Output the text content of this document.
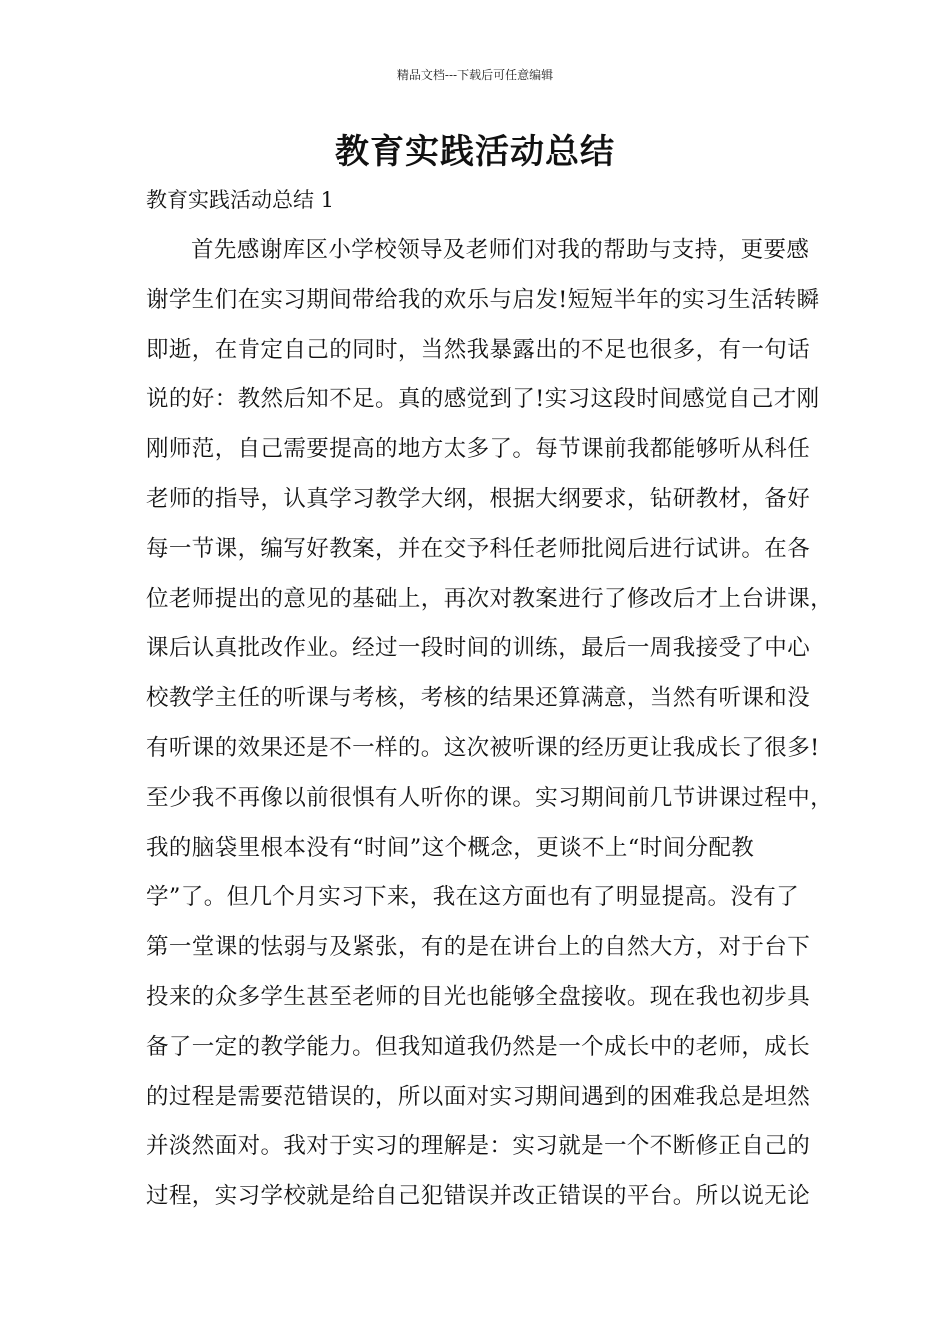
精品文档---下载后可任意编辑
教育实践活动总结
教育实践活动总结 1
首先感谢库区小学校领导及老师们对我的帮助与支持，更要感
谢学生们在实习期间带给我的欢乐与启发!短短半年的实习生活转瞬
即逝，在肯定自己的同时，当然我暴露出的不足也很多，有一句话
说的好：教然后知不足。真的感觉到了!实习这段时间感觉自己才刚
刚师范，自己需要提高的地方太多了。每节课前我都能够听从科任
老师的指导，认真学习教学大纲，根据大纲要求，钻研教材，备好
每一节课，编写好教案，并在交予科任老师批阅后进行试讲。在各
位老师提出的意见的基础上，再次对教案进行了修改后才上台讲课，
课后认真批改作业。经过一段时间的训练，最后一周我接受了中心
校教学主任的听课与考核，考核的结果还算满意，当然有听课和没
有听课的效果还是不一样的。这次被听课的经历更让我成长了很多!
至少我不再像以前很惧有人听你的课。实习期间前几节讲课过程中，
我的脑袋里根本没有“时间”这个概念，更谈不上“时间分配教
学”了。但几个月实习下来，我在这方面也有了明显提高。没有了
第一堂课的怯弱与及紧张，有的是在讲台上的自然大方，对于台下
投来的众多学生甚至老师的目光也能够全盘接收。现在我也初步具
备了一定的教学能力。但我知道我仍然是一个成长中的老师，成长
的过程是需要范错误的，所以面对实习期间遇到的困难我总是坦然
并淡然面对。我对于实习的理解是：实习就是一个不断修正自己的
过程，实习学校就是给自己犯错误并改正错误的平台。所以说无论
